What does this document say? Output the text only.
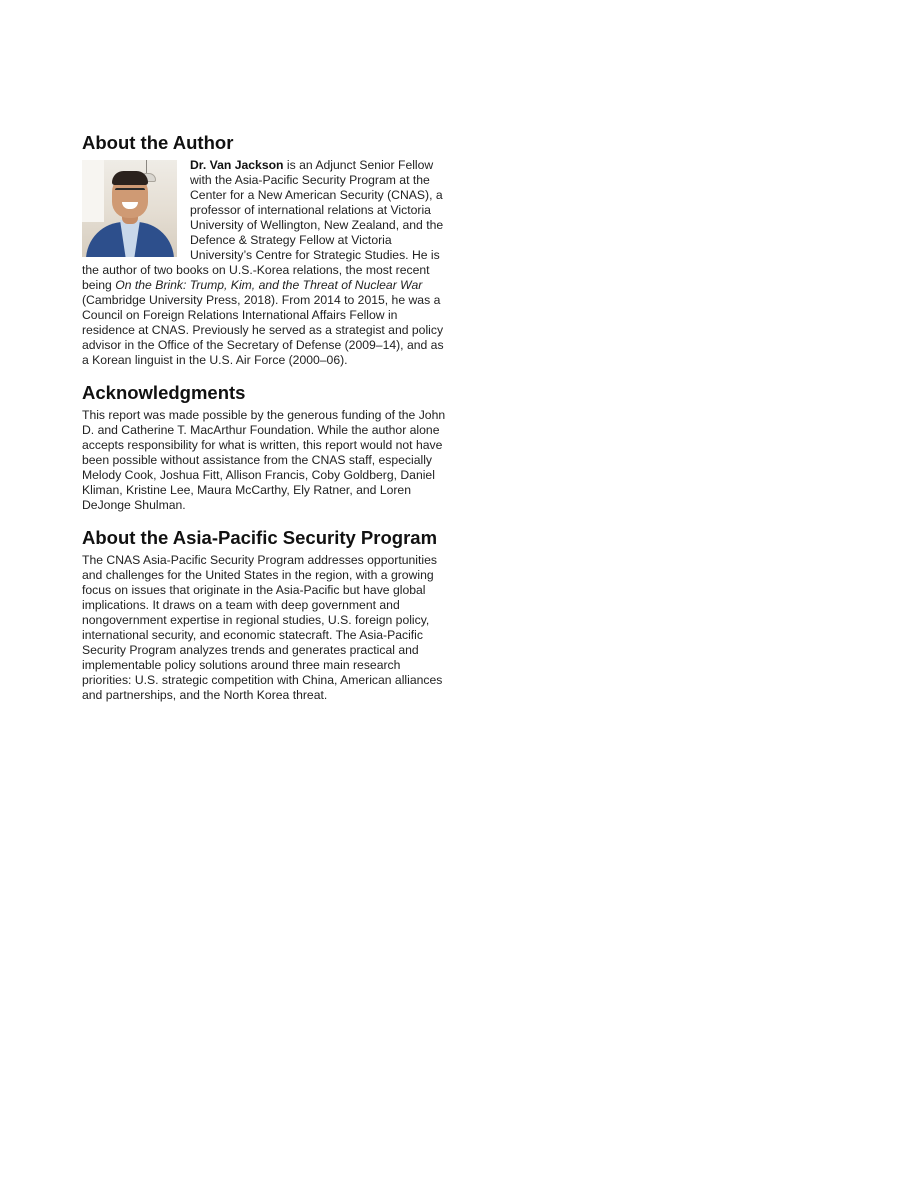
About the Author

Dr. Van Jackson is an Adjunct Senior Fellow with the Asia-Pacific Security Program at the Center for a New American Security (CNAS), a professor of international relations at Victoria University of Wellington, New Zealand, and the Defence & Strategy Fellow at Victoria University’s Centre for Strategic Studies. He is the author of two books on U.S.-Korea relations, the most recent being On the Brink: Trump, Kim, and the Threat of Nuclear War (Cambridge University Press, 2018). From 2014 to 2015, he was a Council on Foreign Relations International Affairs Fellow in residence at CNAS. Previously he served as a strategist and policy advisor in the Office of the Secretary of Defense (2009–14), and as a Korean linguist in the U.S. Air Force (2000–06).

Acknowledgments

This report was made possible by the generous funding of the John D. and Catherine T. MacArthur Foundation. While the author alone accepts responsibility for what is written, this report would not have been possible without assistance from the CNAS staff, especially Melody Cook, Joshua Fitt, Allison Francis, Coby Goldberg, Daniel Kliman, Kristine Lee, Maura McCarthy, Ely Ratner, and Loren DeJonge Shulman.

About the Asia-Pacific Security Program

The CNAS Asia-Pacific Security Program addresses opportunities and challenges for the United States in the region, with a growing focus on issues that originate in the Asia-Pacific but have global implications. It draws on a team with deep government and nongovernment expertise in regional studies, U.S. foreign policy, international security, and economic statecraft. The Asia-Pacific Security Program analyzes trends and generates practical and implementable policy solutions around three main research priorities: U.S. strategic competition with China, American alliances and partnerships, and the North Korea threat.
